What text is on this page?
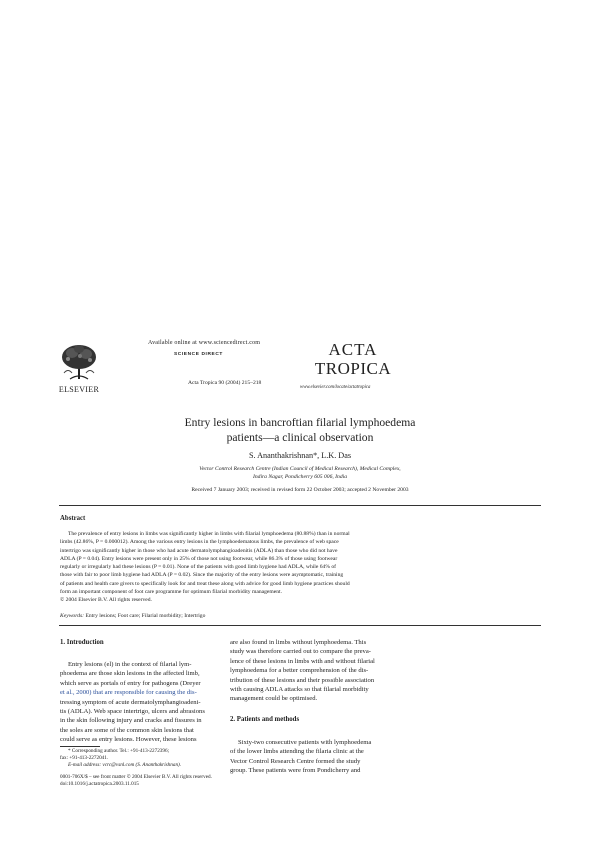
ELSEVIER
Available online at www.sciencedirect.com
SCIENCE DIRECT
Acta Tropica 90 (2004) 215–218
ACTA
TROPICA
www.elsevier.com/locate/actatropica
Entry lesions in bancroftian filarial lymphoedema
patients—a clinical observation
S. Ananthakrishnan*, L.K. Das
Vector Control Research Centre (Indian Council of Medical Research), Medical Complex,
Indira Nagar, Pondicherry 605 006, India
Received 7 January 2003; received in revised form 22 October 2003; accepted 2 November 2003
Abstract
The prevalence of entry lesions in limbs was significantly higher in limbs with filarial lymphoedema (80.88%) than in normal
limbs (42.86%, P = 0.000012). Among the various entry lesions in the lymphoedematous limbs, the prevalence of web space
intertrigo was significantly higher in those who had acute dermatolymphangioadenitis (ADLA) than those who did not have
ADLA (P = 0.04). Entry lesions were present only in 25% of those not using footwear, while 86.3% of those using footwear
regularly or irregularly had these lesions (P = 0.01). None of the patients with good limb hygiene had ADLA, while 64% of
those with fair to poor limb hygiene had ADLA (P = 0.02). Since the majority of the entry lesions were asymptomatic, training
of patients and health care givers to specifically look for and treat these along with advice for good limb hygiene practices should
form an important component of foot care programme for optimum filarial morbidity management.
© 2004 Elsevier B.V. All rights reserved.
Keywords: Entry lesions; Foot care; Filarial morbidity; Intertrigo
1. Introduction
Entry lesions (el) in the context of filarial lym-
phoedema are those skin lesions in the affected limb,
which serve as portals of entry for pathogens (Dreyer
et al., 2000) that are responsible for causing the dis-
tressing symptom of acute dermatolymphangioadeni-
tis (ADLA). Web space intertrigo, ulcers and abrasions
in the skin following injury and cracks and fissures in
the soles are some of the common skin lesions that
could serve as entry lesions. However, these lesions
* Corresponding author. Tel.: +91-413-2272396;
fax: +91-413-2272041.
E-mail address: vcrc@vsnl.com (S. Ananthakrishnan).
0001-706X/$ – see front matter © 2004 Elsevier B.V. All rights reserved.
doi:10.1016/j.actatropica.2003.11.015
are also found in limbs without lymphoedema. This
study was therefore carried out to compare the preva-
lence of these lesions in limbs with and without filarial
lymphoedema for a better comprehension of the dis-
tribution of these lesions and their possible association
with causing ADLA attacks so that filarial morbidity
management could be optimised.
2. Patients and methods
Sixty-two consecutive patients with lymphoedema
of the lower limbs attending the filaria clinic at the
Vector Control Research Centre formed the study
group. These patients were from Pondicherry and
